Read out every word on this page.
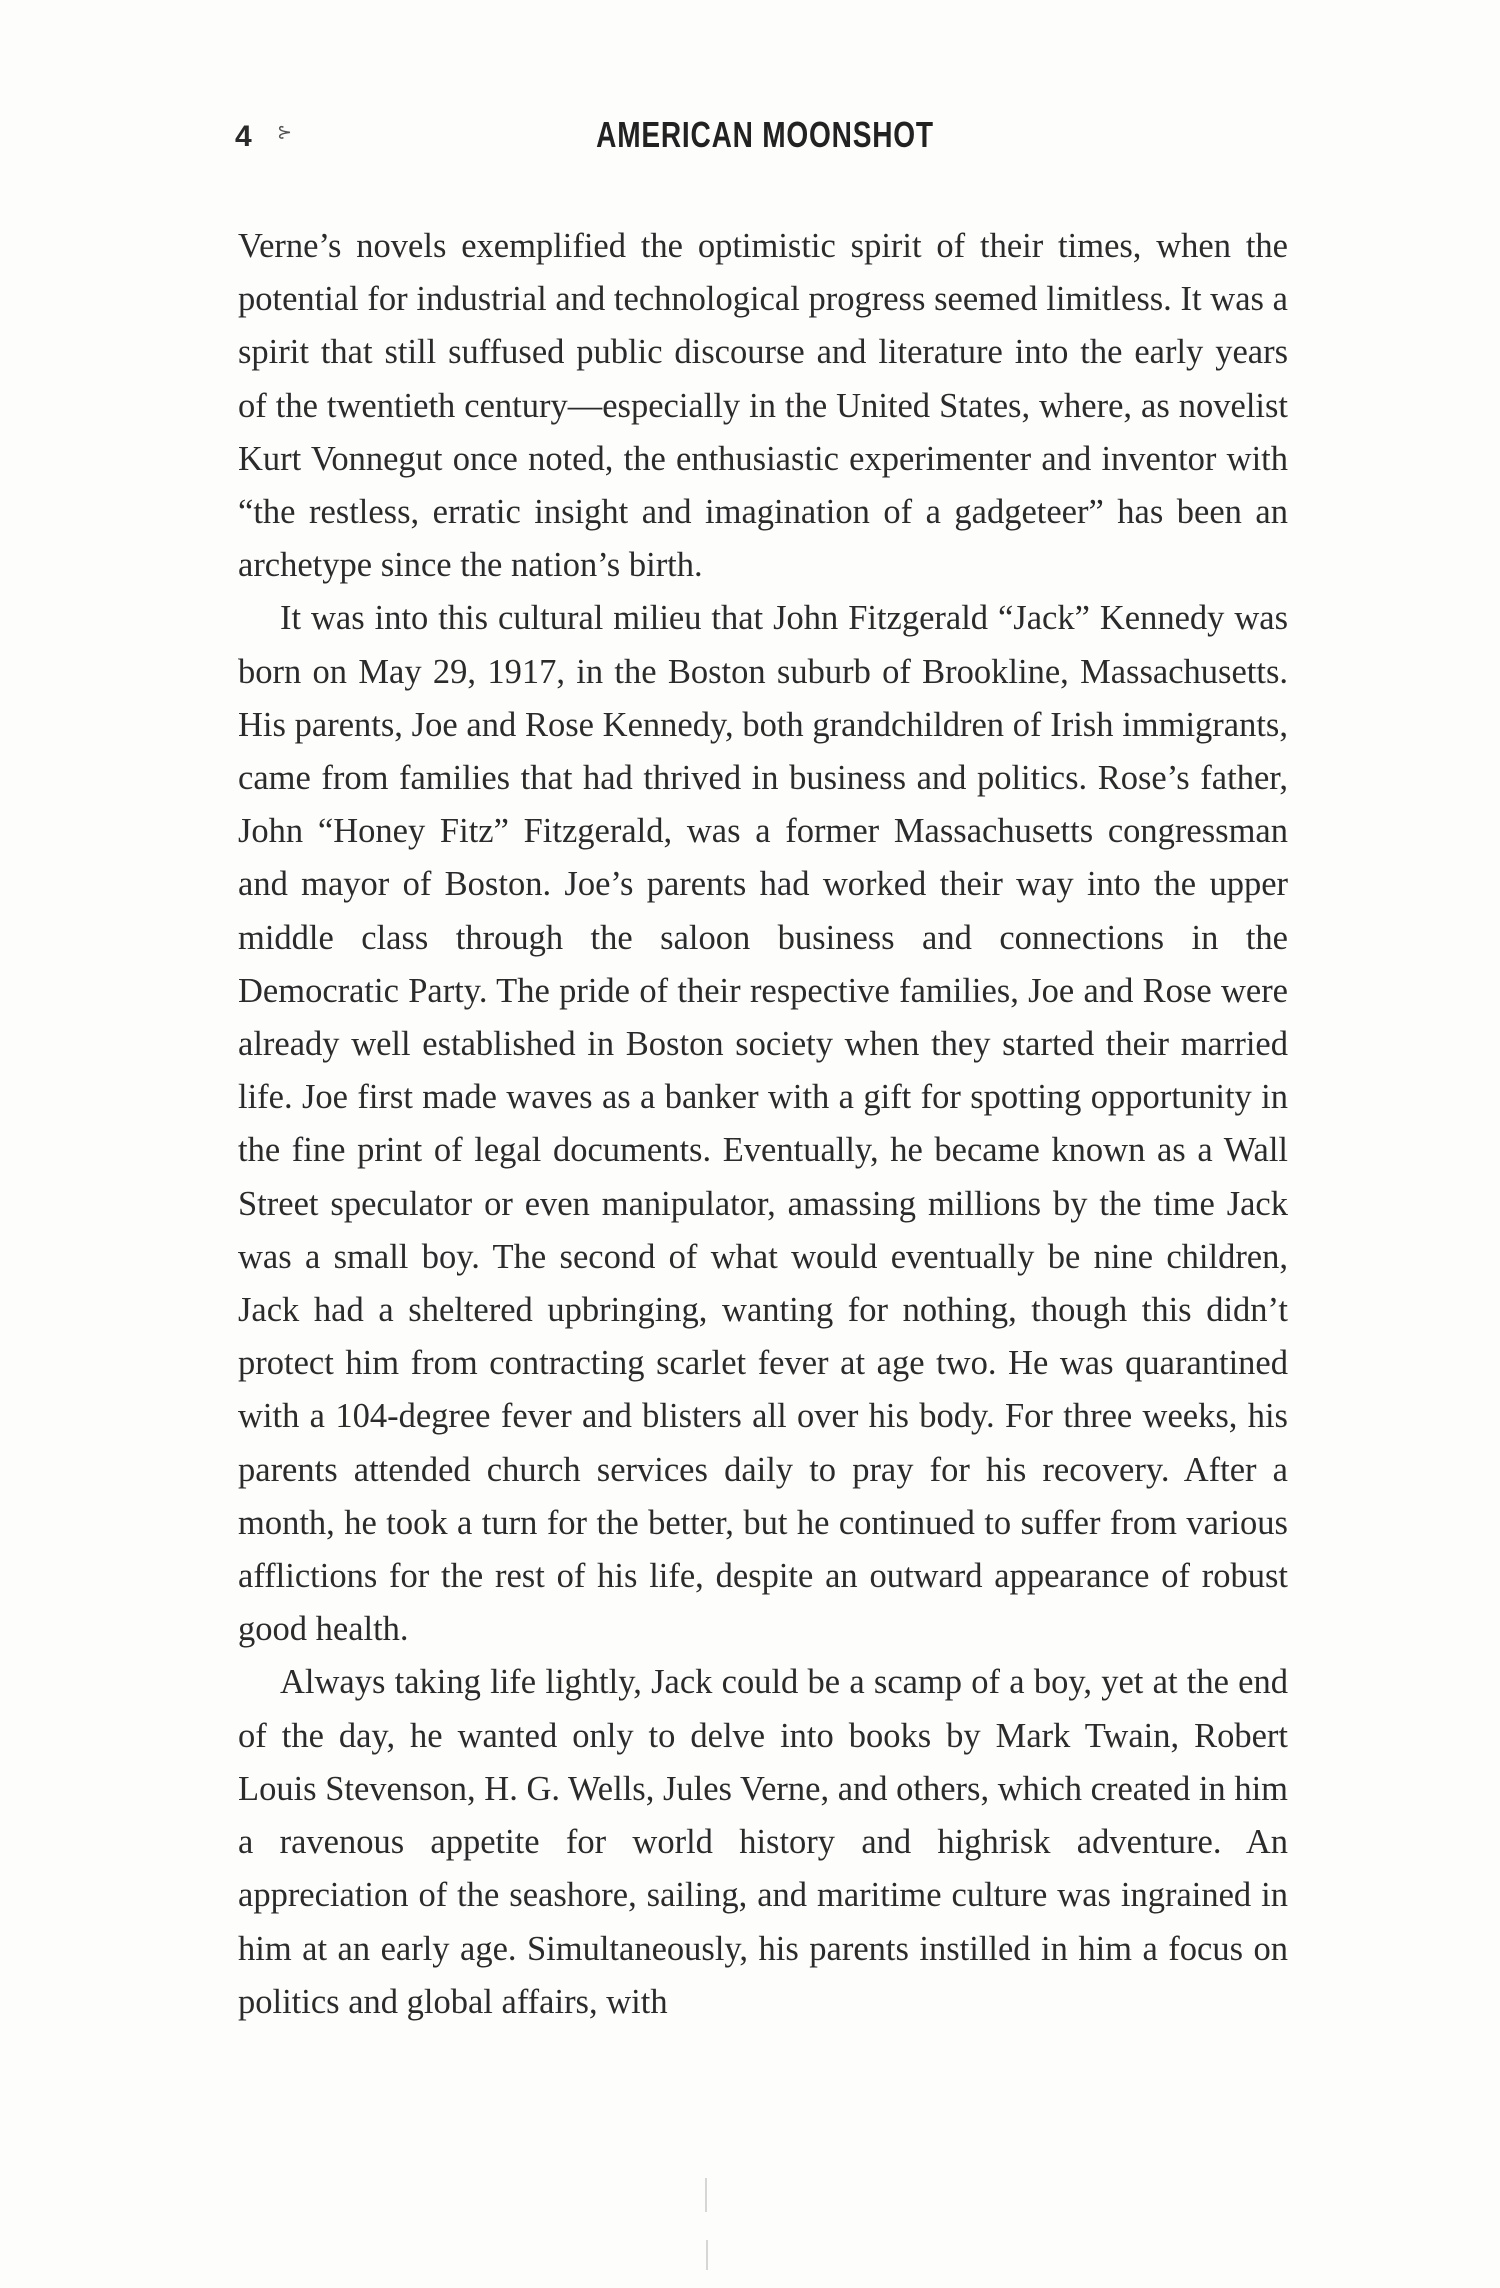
4 ⊱	AMERICAN MOONSHOT

Verne’s novels exemplified the optimistic spirit of their times, when the potential for industrial and technological progress seemed limitless. It was a spirit that still suffused public discourse and literature into the early years of the twentieth century—especially in the United States, where, as novelist Kurt Vonnegut once noted, the enthusiastic experimenter and inventor with “the restless, erratic insight and imagination of a gadgeteer” has been an archetype since the nation’s birth.

It was into this cultural milieu that John Fitzgerald “Jack” Kennedy was born on May 29, 1917, in the Boston suburb of Brookline, Massachusetts. His parents, Joe and Rose Kennedy, both grandchildren of Irish immigrants, came from families that had thrived in business and politics. Rose’s father, John “Honey Fitz” Fitzgerald, was a former Massachusetts congressman and mayor of Boston. Joe’s parents had worked their way into the upper middle class through the saloon business and connections in the Democratic Party. The pride of their respective families, Joe and Rose were already well established in Boston society when they started their married life. Joe first made waves as a banker with a gift for spotting opportunity in the fine print of legal documents. Eventually, he became known as a Wall Street speculator or even manipulator, amassing millions by the time Jack was a small boy. The second of what would eventually be nine children, Jack had a sheltered upbringing, wanting for nothing, though this didn’t protect him from contracting scarlet fever at age two. He was quarantined with a 104-degree fever and blisters all over his body. For three weeks, his parents attended church services daily to pray for his recovery. After a month, he took a turn for the better, but he continued to suffer from various afflictions for the rest of his life, despite an outward appearance of robust good health.

Always taking life lightly, Jack could be a scamp of a boy, yet at the end of the day, he wanted only to delve into books by Mark Twain, Robert Louis Stevenson, H. G. Wells, Jules Verne, and others, which created in him a ravenous appetite for world history and highrisk adventure. An appreciation of the seashore, sailing, and maritime culture was ingrained in him at an early age. Simultaneously, his parents instilled in him a focus on politics and global affairs, with
